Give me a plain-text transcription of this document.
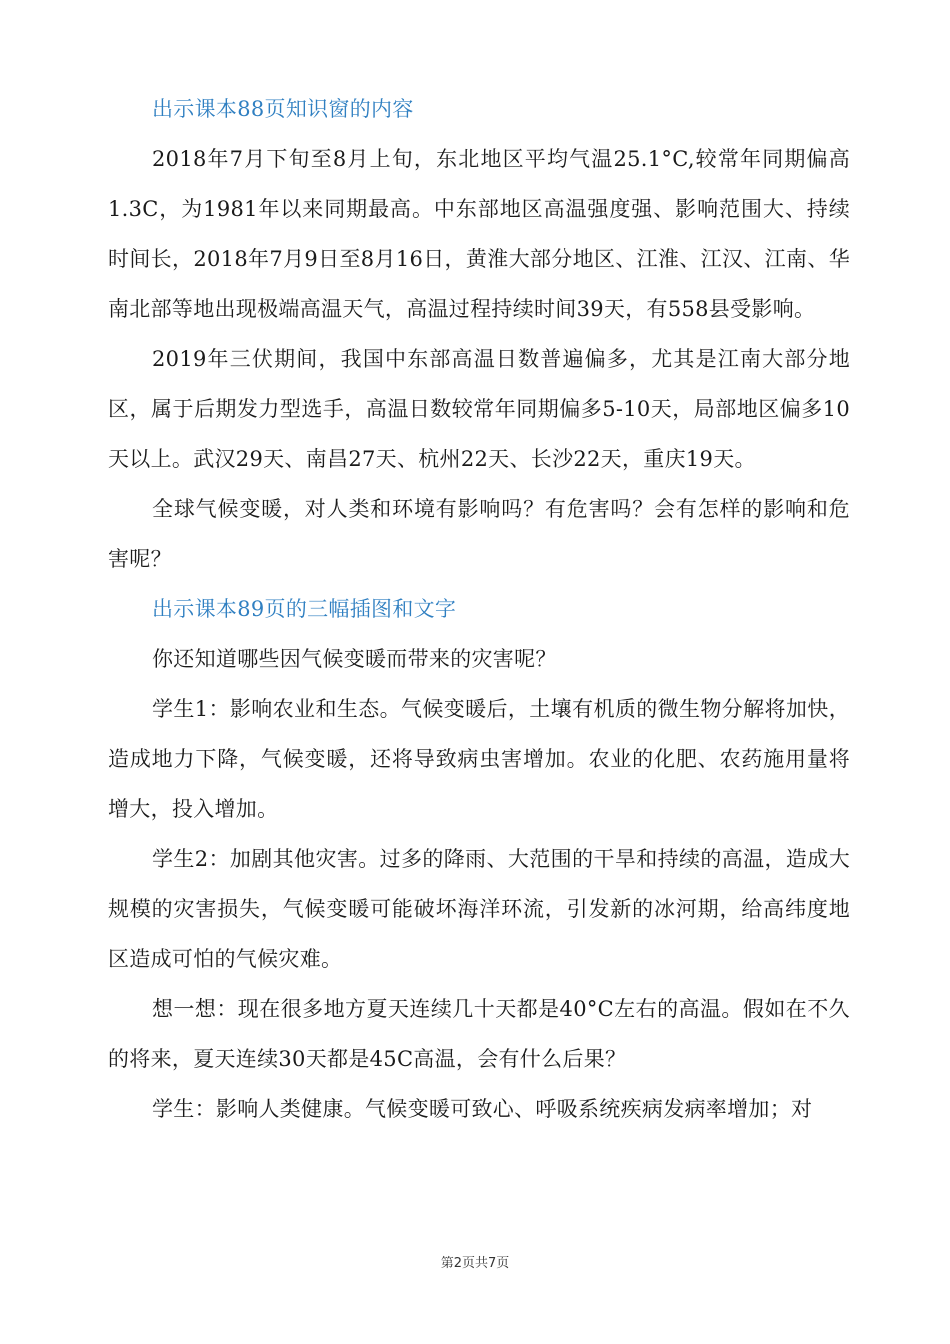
出示课本88页知识窗的内容

2018年7月下旬至8月上旬，东北地区平均气温25.1°C,较常年同期偏高1.3C，为1981年以来同期最高。中东部地区高温强度强、影响范围大、持续时间长，2018年7月9日至8月16日，黄淮大部分地区、江淮、江汉、江南、华南北部等地出现极端高温天气，高温过程持续时间39天，有558县受影响。

2019年三伏期间，我国中东部高温日数普遍偏多，尤其是江南大部分地区，属于后期发力型选手，高温日数较常年同期偏多5-10天，局部地区偏多10天以上。武汉29天、南昌27天、杭州22天、长沙22天，重庆19天。

全球气候变暖，对人类和环境有影响吗？有危害吗？会有怎样的影响和危害呢？

出示课本89页的三幅插图和文字

你还知道哪些因气候变暖而带来的灾害呢？

学生1：影响农业和生态。气候变暖后，土壤有机质的微生物分解将加快，造成地力下降，气候变暖，还将导致病虫害增加。农业的化肥、农药施用量将增大，投入增加。

学生2：加剧其他灾害。过多的降雨、大范围的干旱和持续的高温，造成大规模的灾害损失，气候变暖可能破坏海洋环流，引发新的冰河期，给高纬度地区造成可怕的气候灾难。

想一想：现在很多地方夏天连续几十天都是40°C左右的高温。假如在不久的将来，夏天连续30天都是45C高温，会有什么后果？

学生：影响人类健康。气候变暖可致心、呼吸系统疾病发病率增加；对

第2页共7页
